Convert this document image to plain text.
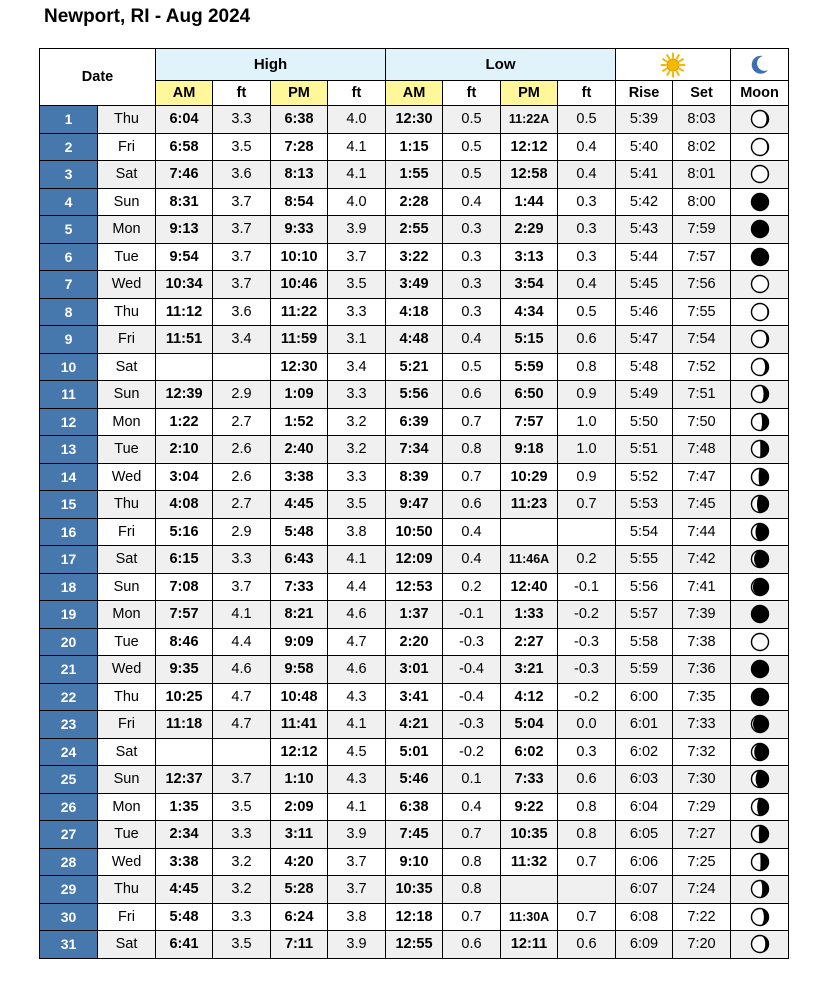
Newport, RI - Aug 2024
Date		High				Low	

		AM	ft	PM	ft	AM	ft	PM	ft	Rise	Set	Moon
1	Thu	6:04	3.3	6:38	4.0	12:30	0.5	11:22A	0.5	5:39	8:03	

2	Fri	6:58	3.5	7:28	4.1	1:15	0.5	12:12	0.4	5:40	8:02	

3	Sat	7:46	3.6	8:13	4.1	1:55	0.5	12:58	0.4	5:41	8:01	

4	Sun	8:31	3.7	8:54	4.0	2:28	0.4	1:44	0.3	5:42	8:00	

5	Mon	9:13	3.7	9:33	3.9	2:55	0.3	2:29	0.3	5:43	7:59	

6	Tue	9:54	3.7	10:10	3.7	3:22	0.3	3:13	0.3	5:44	7:57	

7	Wed	10:34	3.7	10:46	3.5	3:49	0.3	3:54	0.4	5:45	7:56	

8	Thu	11:12	3.6	11:22	3.3	4:18	0.3	4:34	0.5	5:46	7:55	

9	Fri	11:51	3.4	11:59	3.1	4:48	0.4	5:15	0.6	5:47	7:54	

10	Sat			12:30	3.4	5:21	0.5	5:59	0.8	5:48	7:52	

11	Sun	12:39	2.9	1:09	3.3	5:56	0.6	6:50	0.9	5:49	7:51	

12	Mon	1:22	2.7	1:52	3.2	6:39	0.7	7:57	1.0	5:50	7:50	

13	Tue	2:10	2.6	2:40	3.2	7:34	0.8	9:18	1.0	5:51	7:48	

14	Wed	3:04	2.6	3:38	3.3	8:39	0.7	10:29	0.9	5:52	7:47	

15	Thu	4:08	2.7	4:45	3.5	9:47	0.6	11:23	0.7	5:53	7:45	

16	Fri	5:16	2.9	5:48	3.8	10:50	0.4			5:54	7:44	

17	Sat	6:15	3.3	6:43	4.1	12:09	0.4	11:46A	0.2	5:55	7:42	

18	Sun	7:08	3.7	7:33	4.4	12:53	0.2	12:40	-0.1	5:56	7:41	

19	Mon	7:57	4.1	8:21	4.6	1:37	-0.1	1:33	-0.2	5:57	7:39	

20	Tue	8:46	4.4	9:09	4.7	2:20	-0.3	2:27	-0.3	5:58	7:38	

21	Wed	9:35	4.6	9:58	4.6	3:01	-0.4	3:21	-0.3	5:59	7:36	

22	Thu	10:25	4.7	10:48	4.3	3:41	-0.4	4:12	-0.2	6:00	7:35	

23	Fri	11:18	4.7	11:41	4.1	4:21	-0.3	5:04	0.0	6:01	7:33	

24	Sat			12:12	4.5	5:01	-0.2	6:02	0.3	6:02	7:32	

25	Sun	12:37	3.7	1:10	4.3	5:46	0.1	7:33	0.6	6:03	7:30	

26	Mon	1:35	3.5	2:09	4.1	6:38	0.4	9:22	0.8	6:04	7:29	

27	Tue	2:34	3.3	3:11	3.9	7:45	0.7	10:35	0.8	6:05	7:27	

28	Wed	3:38	3.2	4:20	3.7	9:10	0.8	11:32	0.7	6:06	7:25	

29	Thu	4:45	3.2	5:28	3.7	10:35	0.8			6:07	7:24	

30	Fri	5:48	3.3	6:24	3.8	12:18	0.7	11:30A	0.7	6:08	7:22	

31	Sat	6:41	3.5	7:11	3.9	12:55	0.6	12:11	0.6	6:09	7:20	
